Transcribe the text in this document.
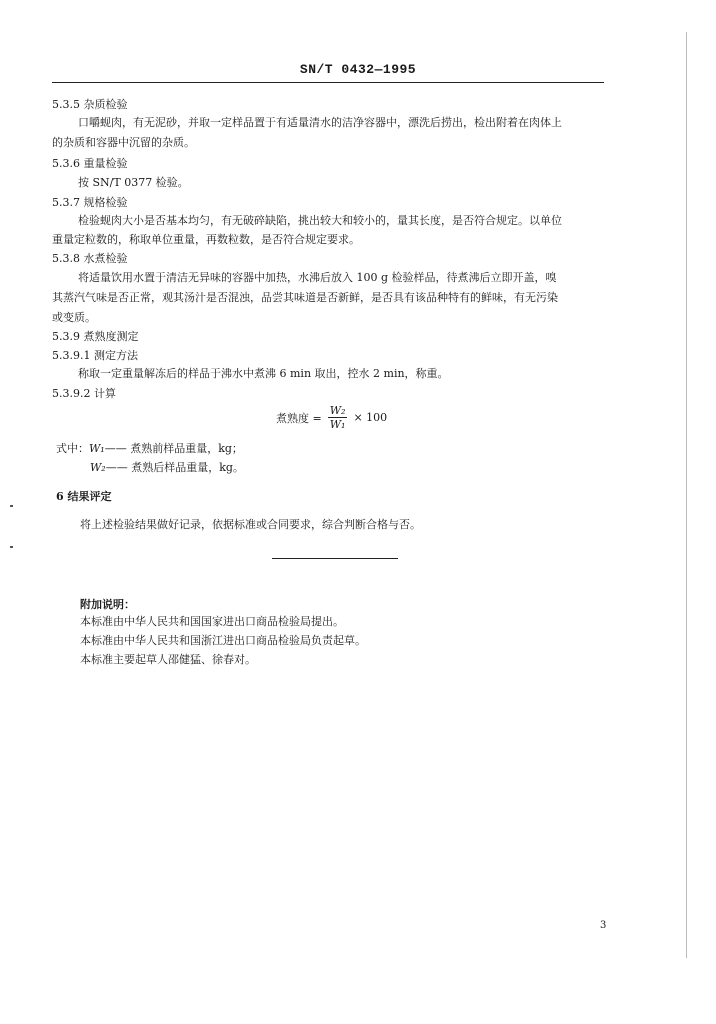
SN/T 0432—1995
5.3.5 杂质检验
口嚼蚬肉，有无泥砂，并取一定样品置于有适量清水的洁净容器中，漂洗后捞出，检出附着在肉体上
的杂质和容器中沉留的杂质。
5.3.6 重量检验
按 SN/T 0377 检验。
5.3.7 规格检验
检验蚬肉大小是否基本均匀，有无破碎缺陷，挑出较大和较小的，量其长度，是否符合规定。以单位
重量定粒数的，称取单位重量，再数粒数，是否符合规定要求。
5.3.8 水煮检验
将适量饮用水置于清洁无异味的容器中加热，水沸后放入 100 g 检验样品，待煮沸后立即开盖，嗅
其蒸汽气味是否正常，观其汤汁是否混浊，品尝其味道是否新鲜，是否具有该品种特有的鲜味，有无污染
或变质。
5.3.9 煮熟度测定
5.3.9.1 测定方法
称取一定重量解冻后的样品于沸水中煮沸 6 min 取出，控水 2 min，称重。
5.3.9.2 计算
煮熟度 = $\frac{\text{W₂}}{\text{W₁}} \times 100$
式中：W₁—— 煮熟前样品重量，kg；
W₂—— 煮熟后样品重量，kg。
6 结果评定
将上述检验结果做好记录，依据标准或合同要求，综合判断合格与否。
附加说明：
本标准由中华人民共和国国家进出口商品检验局提出。
本标准由中华人民共和国浙江进出口商品检验局负责起草。
本标准主要起草人邵健猛、徐春对。
3
